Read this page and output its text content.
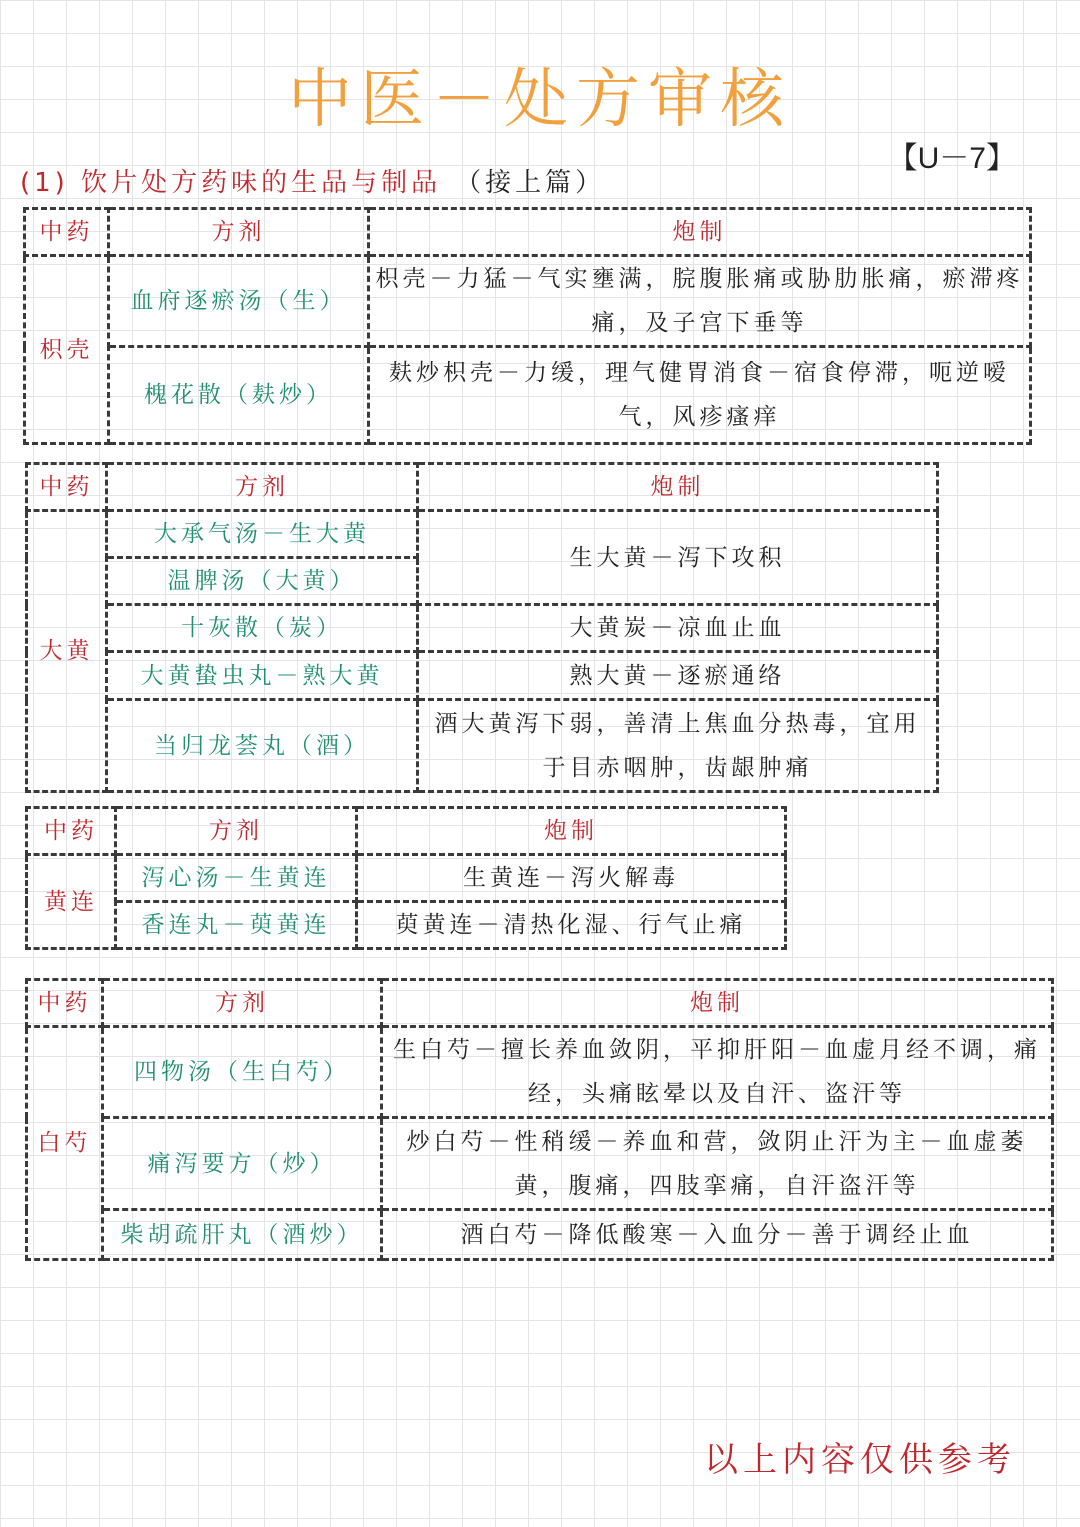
中医－处方审核
【U－7】
(1) 饮片处方药味的生品与制品 （接上篇）
中药	方剂	炮制
枳壳	血府逐瘀汤（生）	枳壳－力猛－气实壅满，脘腹胀痛或胁肋胀痛，瘀滞疼痛，及子宫下垂等
	槐花散（麸炒）	麸炒枳壳－力缓，理气健胃消食－宿食停滞，呃逆嗳气，风疹瘙痒
中药	方剂	炮制
大黄	大承气汤－生大黄	生大黄－泻下攻积
	温脾汤（大黄）	
	十灰散（炭）	大黄炭－凉血止血
	大黄蛰虫丸－熟大黄	熟大黄－逐瘀通络
	当归龙荟丸（酒）	酒大黄泻下弱，善清上焦血分热毒，宜用于目赤咽肿，齿龈肿痛
中药	方剂	炮制
黄连	泻心汤－生黄连	生黄连－泻火解毒
	香连丸－萸黄连	萸黄连－清热化湿、行气止痛
中药	方剂	炮制
白芍	四物汤（生白芍）	生白芍－擅长养血敛阴，平抑肝阳－血虚月经不调，痛经，头痛眩晕以及自汗、盗汗等
	痛泻要方（炒）	炒白芍－性稍缓－养血和营，敛阴止汗为主－血虚萎黄，腹痛，四肢挛痛，自汗盗汗等
	柴胡疏肝丸（酒炒）	酒白芍－降低酸寒－入血分－善于调经止血
以上内容仅供参考
